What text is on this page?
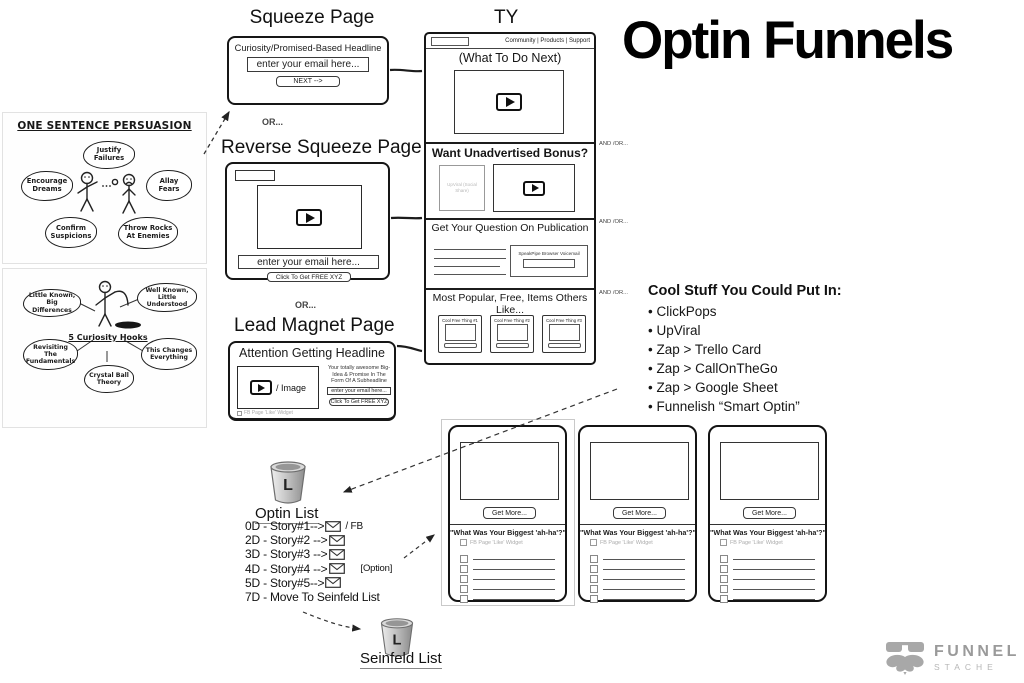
Optin Funnels
ONE SENTENCE PERSUASION
Justify Failures
Encourage Dreams
Allay Fears
Confirm Suspicions
Throw Rocks At Enemies
5 Curiosity Hooks
Little Known, Big Differences
Well Known, Little Understood
Revisiting The Fundamentals
This Changes Everything
Crystal Ball Theory
Squeeze Page
Curiosity/Promised-Based Headline
enter your email here...
NEXT -->
OR...
Reverse Squeeze Page
enter your email here...
Click To Get FREE XYZ
OR...
Lead Magnet Page
Attention Getting Headline
/ Image
Your totally awesome Big-Idea & Promise In The Form Of A Subheadline
enter your email here...
Click To Get FREE XYZ
FB Page 'Like' Widget
TY
Community | Products | Support
(What To Do Next)
Want Unadvertised Bonus?
UpViral (Social Share)
Get Your Question On Publication
SpeakPipe Browser Voicemail
Most Popular, Free, Items Others Like...
Cool Free Thing #1	Cool Free Thing #2	Cool Free Thing #3
AND /OR...
AND /OR...
AND /OR... Cool Stuff You Could Put In:
• ClickPops
• UpViral
• Zap > Trello Card
• Zap > CallOnTheGo
• Zap > Google Sheet
• Funnelish “Smart Optin”
L
Optin List
0D - Story#1--> / FB
2D - Story#2 -->
3D - Story#3 -->
4D - Story#4 -->	[Option]
5D - Story#5-->
7D - Move To Seinfeld List
L
Seinfeld List
Get More...
"What Was Your Biggest 'ah-ha'?"
FB Page 'Like' Widget
Get More...
"What Was Your Biggest 'ah-ha'?"
FB Page 'Like' Widget
Get More...
"What Was Your Biggest 'ah-ha'?"
FB Page 'Like' Widget
FUNNEL
STACHE
